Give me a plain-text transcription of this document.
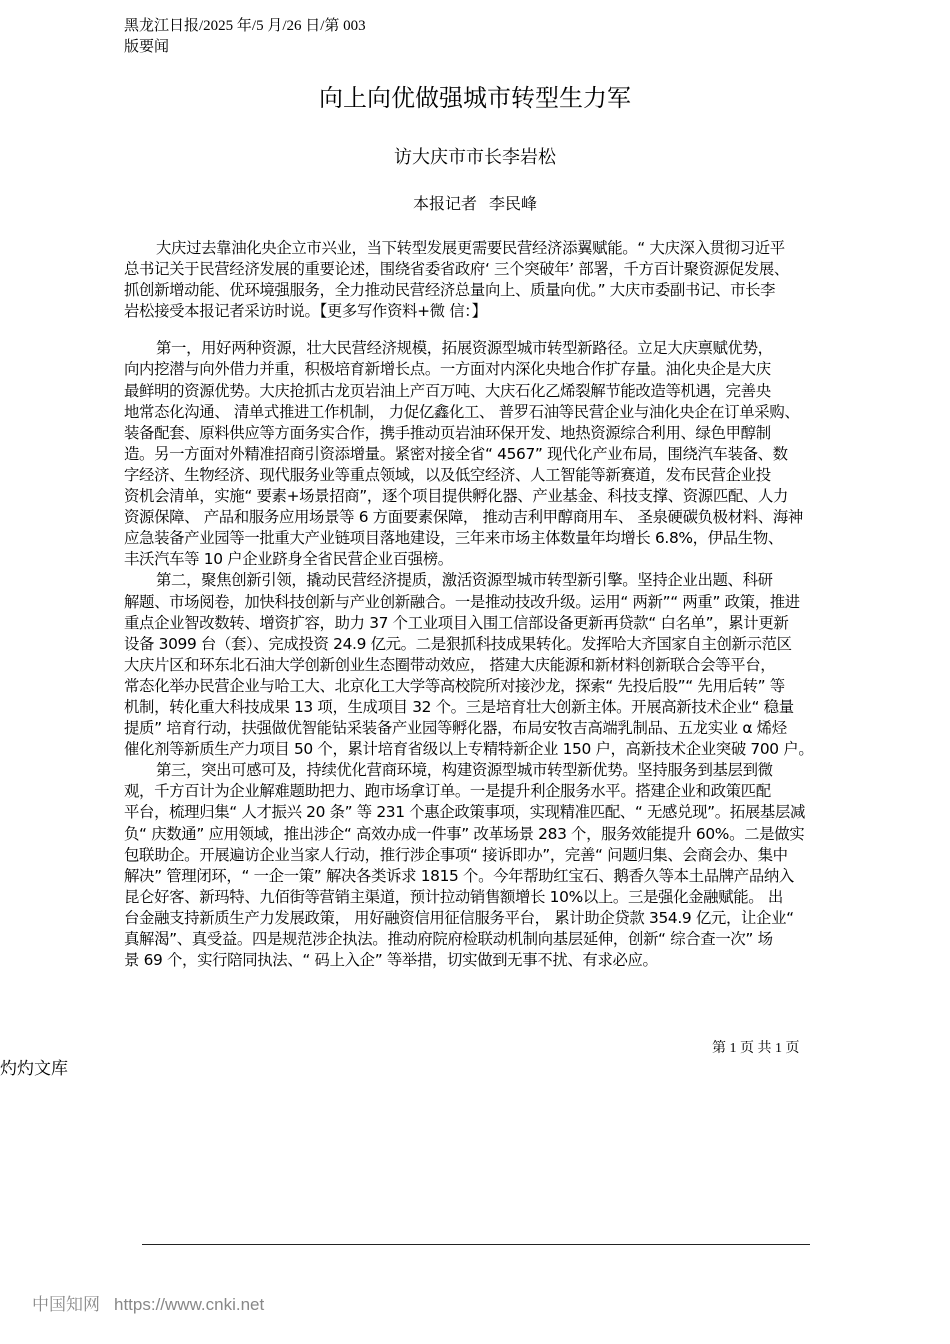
黑龙江日报/2025 年/5 月/26 日/第 003
版要闻
向上向优做强城市转型生力军
访大庆市市长李岩松
本报记者 李民峰
大庆过去靠油化央企立市兴业，当下转型发展更需要民营经济添翼赋能。“ 大庆深入贯彻习近平
总书记关于民营经济发展的重要论述，围绕省委省政府‘ 三个突破年’ 部署，千方百计聚资源促发展、
抓创新增动能、优环境强服务，全力推动民营经济总量向上、质量向优。” 大庆市委副书记、市长李
岩松接受本报记者采访时说。【更多写作资料+微 信：】
第一，用好两种资源，壮大民营经济规模，拓展资源型城市转型新路径。立足大庆禀赋优势，
向内挖潜与向外借力并重，积极培育新增长点。一方面对内深化央地合作扩存量。油化央企是大庆
最鲜明的资源优势。大庆抢抓古龙页岩油上产百万吨、大庆石化乙烯裂解节能改造等机遇，完善央
地常态化沟通、 清单式推进工作机制， 力促亿鑫化工、 普罗石油等民营企业与油化央企在订单采购、
装备配套、原料供应等方面务实合作，携手推动页岩油环保开发、地热资源综合利用、绿色甲醇制
造。另一方面对外精准招商引资添增量。紧密对接全省“ 4567” 现代化产业布局，围绕汽车装备、数
字经济、生物经济、现代服务业等重点领域，以及低空经济、人工智能等新赛道，发布民营企业投
资机会清单，实施“ 要素+场景招商”，逐个项目提供孵化器、产业基金、科技支撑、资源匹配、人力
资源保障、 产品和服务应用场景等 6 方面要素保障， 推动吉利甲醇商用车、 圣泉硬碳负极材料、海神
应急装备产业园等一批重大产业链项目落地建设，三年来市场主体数量年均增长 6.8%，伊品生物、
丰沃汽车等 10 户企业跻身全省民营企业百强榜。
第二，聚焦创新引领，撬动民营经济提质，激活资源型城市转型新引擎。坚持企业出题、科研
解题、市场阅卷，加快科技创新与产业创新融合。一是推动技改升级。运用“ 两新”“ 两重” 政策，推进
重点企业智改数转、增资扩容，助力 37 个工业项目入围工信部设备更新再贷款“ 白名单”，累计更新
设备 3099 台（套）、完成投资 24.9 亿元。二是狠抓科技成果转化。发挥哈大齐国家自主创新示范区
大庆片区和环东北石油大学创新创业生态圈带动效应， 搭建大庆能源和新材料创新联合会等平台，
常态化举办民营企业与哈工大、北京化工大学等高校院所对接沙龙，探索“ 先投后股”“ 先用后转” 等
机制，转化重大科技成果 13 项，生成项目 32 个。三是培育壮大创新主体。开展高新技术企业“ 稳量
提质” 培育行动，扶强做优智能钻采装备产业园等孵化器，布局安牧吉高端乳制品、五龙实业 α 烯烃
催化剂等新质生产力项目 50 个，累计培育省级以上专精特新企业 150 户，高新技术企业突破 700 户。
第三，突出可感可及，持续优化营商环境，构建资源型城市转型新优势。坚持服务到基层到微
观，千方百计为企业解难题助把力、跑市场拿订单。一是提升利企服务水平。搭建企业和政策匹配
平台，梳理归集“ 人才振兴 20 条” 等 231 个惠企政策事项，实现精准匹配、“ 无感兑现”。拓展基层减
负“ 庆数通” 应用领域，推出涉企“ 高效办成一件事” 改革场景 283 个，服务效能提升 60%。二是做实
包联助企。开展遍访企业当家人行动，推行涉企事项“ 接诉即办”，完善“ 问题归集、会商会办、集中
解决” 管理闭环，“ 一企一策” 解决各类诉求 1815 个。今年帮助红宝石、鹅香久等本土品牌产品纳入
昆仑好客、新玛特、九佰街等营销主渠道，预计拉动销售额增长 10%以上。三是强化金融赋能。 出
台金融支持新质生产力发展政策， 用好融资信用征信服务平台， 累计助企贷款 354.9 亿元，让企业“
真解渴”、真受益。四是规范涉企执法。推动府院府检联动机制向基层延伸，创新“ 综合查一次” 场
景 69 个，实行陪同执法、“ 码上入企” 等举措，切实做到无事不扰、有求必应。
第 1 页 共 1 页
灼灼文库
中国知网 https://www.cnki.net
